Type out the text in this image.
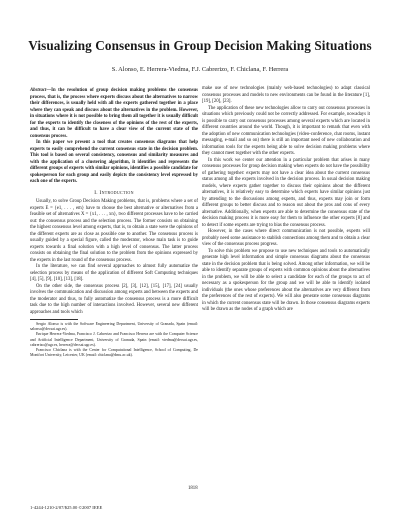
Visualizing Consensus in Group Decision Making Situations
S. Alonso, E. Herrera-Viedma, F.J. Cabrerizo, F. Chiclana, F. Herrera

Abstract—In the resolution of group decision making problems the consensus process, that is, the process where experts discuss about the alternatives to narrow their differences, is usually held with all the experts gathered together in a place where they can speak and discuss about the alternatives in the problem. However, in situations where it is not possible to bring them all together it is usually difficult for the experts to identify the closeness of the opinions of the rest of the experts, and thus, it can be difficult to have a clear view of the current state of the consensus process.

In this paper we present a tool that creates consensus diagrams that help experts to easily comprehend the current consensus state in the decision problem. This tool is based on several consistency, consensus and similarity measures and with the application of a clustering algorithm, it identifies and represents the different groups of experts with similar opinions, identifies a possible candidate for spokesperson for each group and easily depicts the consistency level expressed by each one of the experts.

I. Introduction

Usually, to solve Group Decision Making problems, that is, problems where a set of experts E = {e1, . . . , em} have to choose the best alternative or alternatives from a feasible set of alternatives X = {x1, . . . , xn}, two different processes have to be carried out: the consensus process and the selection process. The former consists on obtaining the highest consensus level among experts, that is, to obtain a state were the opinions of the different experts are as close as possible one to another. The consensus process is usually guided by a special figure, called the moderator, whose main task is to guide experts towards a final solution with a high level of consensus. The latter process consists on obtaining the final solution to the problem from the opinions expressed by the experts in the last round of the consensus process.

In the literature, we can find several approaches to almost fully automatize the selection process by means of the application of different Soft Computing techniques [4], [5], [9], [10], [13], [18].

On the other side, the consensus process [2], [3], [12], [15], [17], [24] usually involves the communication and discussion among experts and between the experts and the moderator and thus, to fully automatize the consensus process is a more difficult task due to the high number of interactions involved. However, several new different approaches and tools which

Sergio Alonso is with the Software Engineering Department, University of Granada, Spain (email: salonso@decsai.ugr.es).

Enrique Herrera-Viedma, Francisco J. Cabrerizo and Francisco Herrera are with the Computer Science and Artificial Intelligence Department, University of Granada, Spain (email: viedma@decsai.ugr.es, cabrerizo@ugr.es, herrera@decsai.ugr.es).

Francisco Chiclana is with the Center for Computational Intelligence, School of Computing, De Montfort University, Leicester, UK (email: chiclana@dmu.ac.uk).

make use of new technologies (mainly web-based technologies) to adapt classical consensus processes and models to new environments can be found in the literature [1], [19], [20], [23].

The application of these new technologies allow to carry out consensus processes in situations which previously could not be correctly addressed. For example, nowadays it is possible to carry out consensus processes among several experts which are located in different countries around the world. Though, it is important to remark that even with the adoption of new communication technologies (video-conference, chat rooms, instant messaging, e-mail and so on) there is still an important need of new collaboration and information tools for the experts being able to solve decision making problems where they cannot meet together with the other experts.

In this work we center our attention in a particular problem that arises in many consensus processes for group decision making when experts do not have the possibility of gathering together: experts may not have a clear idea about the current consensus status among all the experts involved in the decision process. In usual decision making models, where experts gather together to discuss their opinions about the different alternatives, it is relatively easy to determine which experts have similar opinions just by attending to the discussions among experts, and thus, experts may join or form different groups to better discuss and to reason out about the pros and cons of every alternative. Additionally, when experts are able to determine the consensus state of the decision making process it is more easy for them to influence the other experts [8] and to detect if some experts are trying to bias the consensus process.

However, in the cases where direct communication is not possible, experts will probably need some assistance to stablish connections among them and to obtain a clear view of the consensus process progress.

To solve this problem we propose to use new techniques and tools to automatically generate high level information and simple consensus diagrams about the consensus state in the decision problem that is being solved. Among other information, we will be able to identify separate groups of experts with common opinions about the alternatives in the problem, we will be able to select a candidate for each of the groups to act of necessary as a spokesperson for the group and we will be able to identify isolated individuals (the ones whose preferences about the alternatives are very different from the preferences of the rest of experts). We will also generate some consensus diagrams in which the current consensus state will be drawn. In those consensus diagrams experts will be drawn as the nodes of a graph which are

1818
1-4244-1210-2/07/$25.00 ©2007 IEEE
